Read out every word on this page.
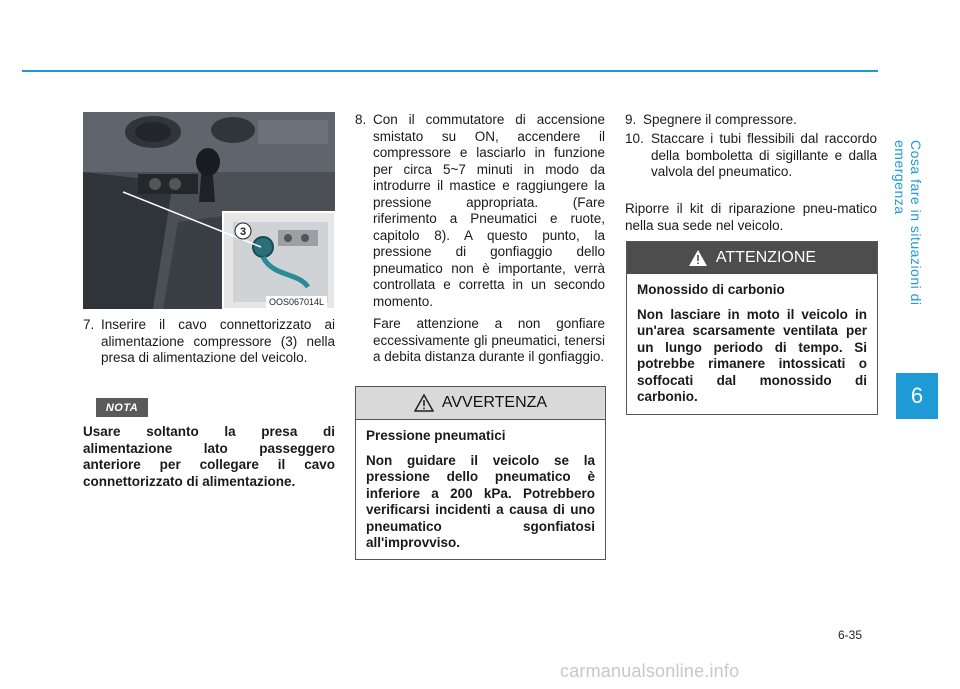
Cosa fare in situazioni di emergenza
6
3
OOS067014L
7. Inserire il cavo connettorizzato ai alimentazione compressore (3) nella presa di alimentazione del veicolo.
NOTA

Usare soltanto la presa di alimentazione lato passeggero anteriore per collegare il cavo connettorizzato di alimentazione.

8. Con il commutatore di accensione smistato su ON, accendere il compressore e lasciarlo in funzione per circa 5~7 minuti in modo da introdurre il mastice e raggiungere la pressione appropriata. (Fare riferimento a Pneumatici e ruote, capitolo 8). A questo punto, la pressione di gonfiaggio dello pneumatico non è importante, verrà controllata e corretta in un secondo momento.
Fare attenzione a non gonfiare eccessivamente gli pneumatici, tenersi a debita distanza durante il gonfiaggio.
AVVERTENZA

Pressione pneumatici

Non guidare il veicolo se la pressione dello pneumatico è inferiore a 200 kPa. Potrebbero verificarsi incidenti a causa di uno pneumatico sgonfiatosi all'improvviso.

9. Spegnere il compressore.
10. Staccare i tubi flessibili dal raccordo della bomboletta di sigillante e dalla valvola del pneumatico.

Riporre il kit di riparazione pneu-matico nella sua sede nel veicolo.

ATTENZIONE

Monossido di carbonio

Non lasciare in moto il veicolo in un'area scarsamente ventilata per un lungo periodo di tempo. Si potrebbe rimanere intossicati o soffocati dal monossido di carbonio.

6-35
carmanualsonline.info
